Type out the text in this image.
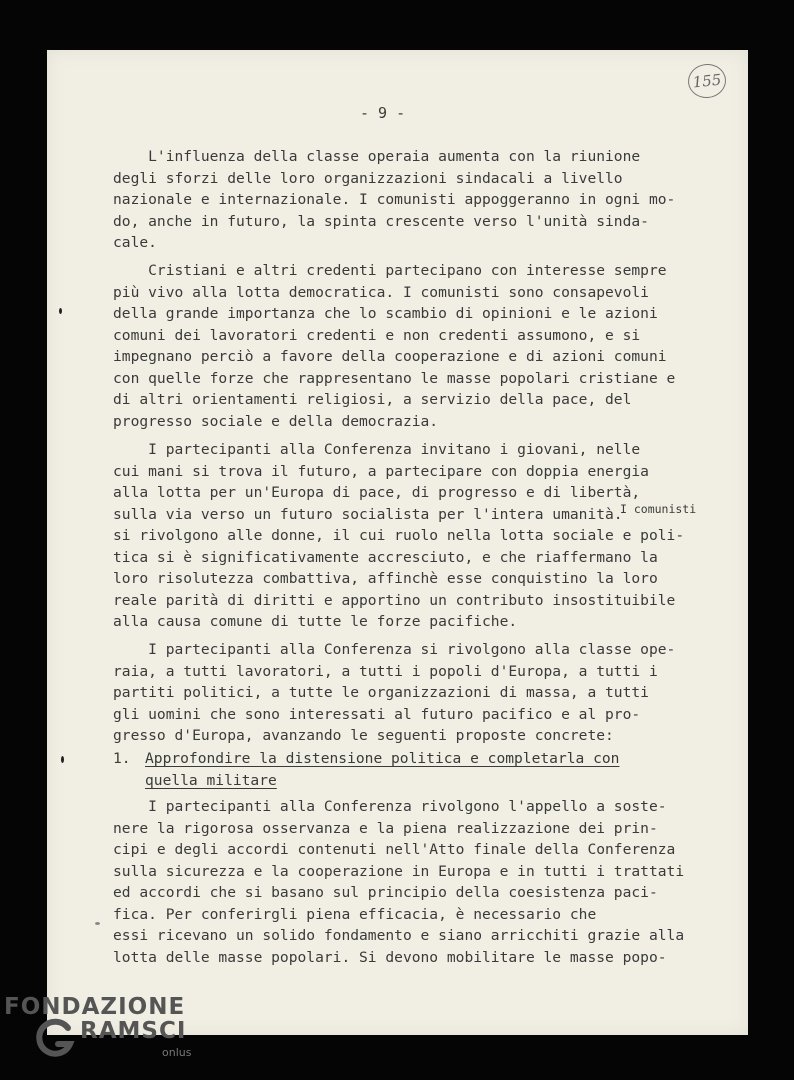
155
- 9 -
L'influenza della classe operaia aumenta con la riunione
degli sforzi delle loro organizzazioni sindacali a livello
nazionale e internazionale. I comunisti appoggeranno in ogni mo-
do, anche in futuro, la spinta crescente verso l'unità sinda-
cale.
Cristiani e altri credenti partecipano con interesse sempre
più vivo alla lotta democratica. I comunisti sono consapevoli
della grande importanza che lo scambio di opinioni e le azioni
comuni dei lavoratori credenti e non credenti assumono, e si
impegnano perciò a favore della cooperazione e di azioni comuni
con quelle forze che rappresentano le masse popolari cristiane e
di altri orientamenti religiosi, a servizio della pace, del
progresso sociale e della democrazia.
I partecipanti alla Conferenza invitano i giovani, nelle
cui mani si trova il futuro, a partecipare con doppia energia
alla lotta per un'Europa di pace, di progresso e di libertà,
sulla via verso un futuro socialista per l'intera umanità.
I comunisti
si rivolgono alle donne, il cui ruolo nella lotta sociale e poli-
tica si è significativamente accresciuto, e che riaffermano la
loro risolutezza combattiva, affinchè esse conquistino la loro
reale parità di diritti e apportino un contributo insostituibile
alla causa comune di tutte le forze pacifiche.
I partecipanti alla Conferenza si rivolgono alla classe ope-
raia, a tutti lavoratori, a tutti i popoli d'Europa, a tutti i
partiti politici, a tutte le organizzazioni di massa, a tutti
gli uomini che sono interessati al futuro pacifico e al pro-
gresso d'Europa, avanzando le seguenti proposte concrete:
1. Approfondire la distensione politica e completarla con
quella militare
I partecipanti alla Conferenza rivolgono l'appello a soste-
nere la rigorosa osservanza e la piena realizzazione dei prin-
cipi e degli accordi contenuti nell'Atto finale della Conferenza
sulla sicurezza e la cooperazione in Europa e in tutti i trattati
ed accordi che si basano sul principio della coesistenza paci-
fica. Per conferirgli piena efficacia, è necessario che
essi ricevano un solido fondamento e siano arricchiti grazie alla
lotta delle masse popolari. Si devono mobilitare le masse popo-
FONDAZIONE
RAMSCI
onlus
